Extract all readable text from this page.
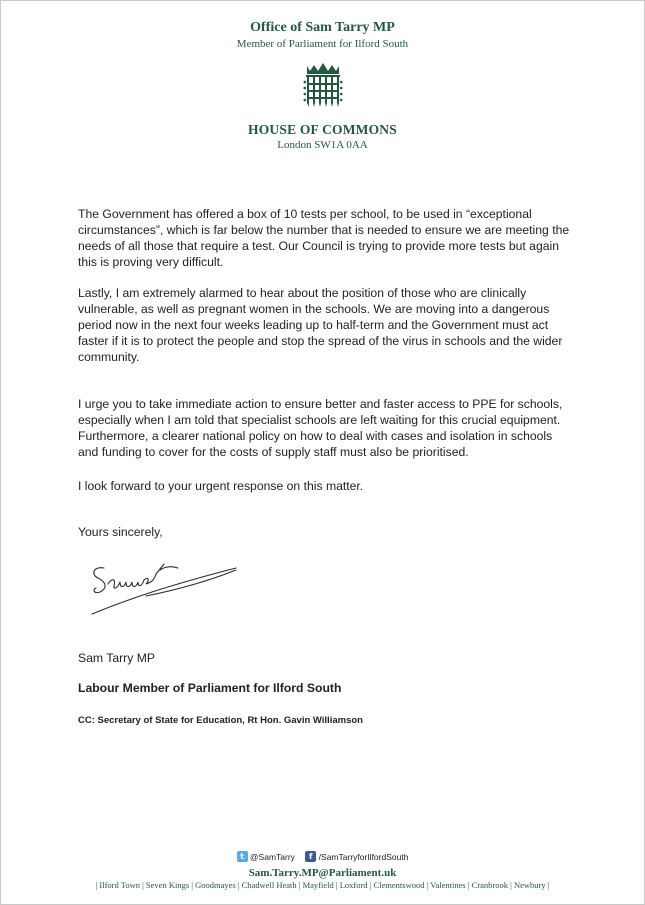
Office of Sam Tarry MP
Member of Parliament for Ilford South
HOUSE OF COMMONS
London SW1A 0AA
The Government has offered a box of 10 tests per school, to be used in “exceptional circumstances”, which is far below the number that is needed to ensure we are meeting the needs of all those that require a test. Our Council is trying to provide more tests but again this is proving very difficult.
Lastly, I am extremely alarmed to hear about the position of those who are clinically vulnerable, as well as pregnant women in the schools. We are moving into a dangerous period now in the next four weeks leading up to half-term and the Government must act faster if it is to protect the people and stop the spread of the virus in schools and the wider community.
I urge you to take immediate action to ensure better and faster access to PPE for schools, especially when I am told that specialist schools are left waiting for this crucial equipment. Furthermore, a clearer national policy on how to deal with cases and isolation in schools and funding to cover for the costs of supply staff must also be prioritised.
I look forward to your urgent response on this matter.
Yours sincerely,
Sam Tarry MP
Labour Member of Parliament for Ilford South
CC: Secretary of State for Education, Rt Hon. Gavin Williamson
t @SamTarry f /SamTarryforIlfordSouth
Sam.Tarry.MP@Parliament.uk
| Ilford Town | Seven Kings | Goodmayes | Chadwell Heath | Mayfield | Loxford | Clementswood | Valentines | Cranbrook | Newbury |
